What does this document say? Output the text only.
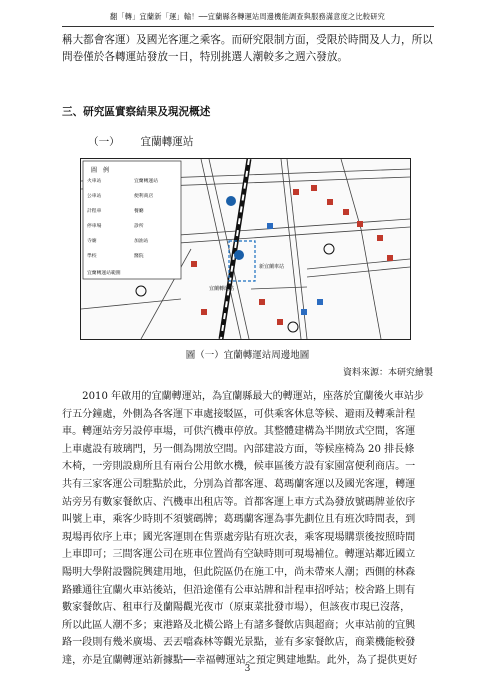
翻「轉」宜蘭新「運」輸！──宜蘭縣各轉運站周邊機能調查與服務滿意度之比較研究
稱大都會客運）及國光客運之乘客。而研究限制方面，受限於時間及人力，所以
問卷僅於各轉運站發放一日，特別挑選人潮較多之週六發放。
三、研究區實察結果及現況概述
（一） 宜蘭轉運站
圖　例
火車站	宜蘭轉運站
公車站	便利商店
計程車	餐廳
停車場	診所
寺廟	加油站
學校	醫院
宜蘭轉運站範圍
新宜蘭車站
宜蘭轉運站
圖（一）宜蘭轉運站周邊地圖
資料來源：本研究繪製

　　2010 年啟用的宜蘭轉運站，為宜蘭縣最大的轉運站，座落於宜蘭後火車站步

行五分鐘處，外側為各客運下車處接駁區，可供乘客休息等候、避雨及轉乘計程

車。轉運站旁另設停車場，可供汽機車停放。其整體建構為半開放式空間，客運

上車處設有玻璃門，另一側為開放空間。內部建設方面，等候座椅為 20 排長條

木椅，一旁則設廁所且有兩台公用飲水機，候車區後方設有家園富便利商店。一

共有三家客運公司駐點於此，分別為首都客運、葛瑪蘭客運以及國光客運，轉運

站旁另有數家餐飲店、汽機車出租店等。首都客運上車方式為發放號碼牌並依序

叫號上車，乘客少時則不須號碼牌；葛瑪蘭客運為事先劃位且有班次時間表，到

現場再依序上車；國光客運則在售票處旁貼有班次表，乘客現場購票後按照時間

上車即可；三間客運公司在班車位置尚有空缺時則可現場補位。轉運站鄰近國立

陽明大學附設醫院興建用地，但此院區仍在施工中，尚未帶來人潮；西側的林森

路雖通往宜蘭火車站後站，但沿途僅有公車站牌和計程車招呼站；校舍路上則有

數家餐飲店、租車行及蘭陽觀光夜市（原東菜批發市場），但該夜市現已沒落，

所以此區人潮不多；東港路及北橫公路上有諸多餐飲店與超商；火車站前的宜興

路一段則有幾米廣場、丟丟噹森林等觀光景點，並有多家餐飲店，商業機能較發

達，亦是宜蘭轉運站新據點──幸福轉運站之預定興建地點。此外，為了提供更好

3
